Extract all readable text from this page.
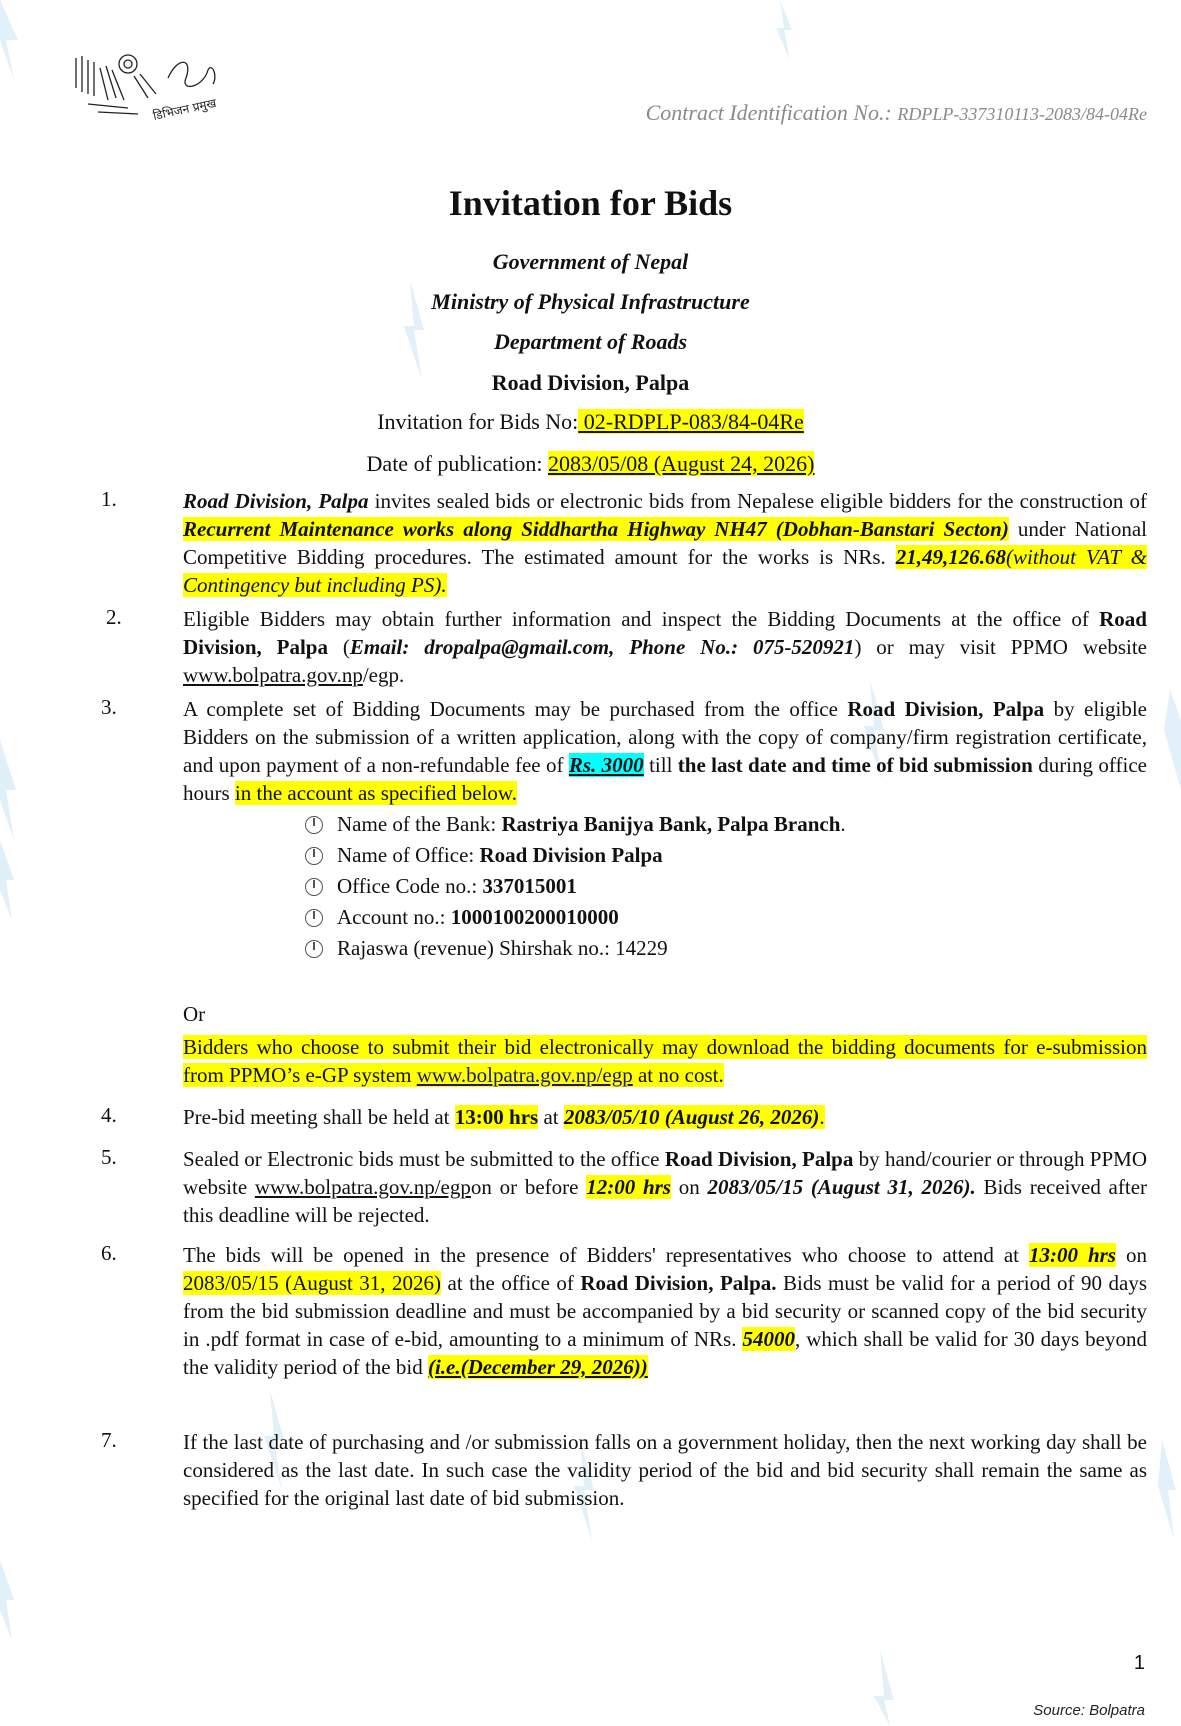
डिभिजन प्रमुख	Contract Identification No.: RDPLP-337310113-2083/84-04Re
Invitation for Bids
Government of Nepal
Ministry of Physical Infrastructure
Department of Roads
Road Division, Palpa
Invitation for Bids No: 02-RDPLP-083/84-04Re
Date of publication: 2083/05/08 (August 24, 2026)
1.	Road Division, Palpa invites sealed bids or electronic bids from Nepalese eligible bidders for the construction of Recurrent Maintenance works along Siddhartha Highway NH47 (Dobhan-Banstari Secton) under National Competitive Bidding procedures. The estimated amount for the works is NRs. 21,49,126.68(without VAT & Contingency but including PS).
2.	Eligible Bidders may obtain further information and inspect the Bidding Documents at the office of Road Division, Palpa (Email: dropalpa@gmail.com, Phone No.: 075-520921) or may visit PPMO website www.bolpatra.gov.np/egp.
3.	A complete set of Bidding Documents may be purchased from the office Road Division, Palpa by eligible Bidders on the submission of a written application, along with the copy of company/firm registration certificate, and upon payment of a non-refundable fee of Rs. 3000 till the last date and time of bid submission during office hours in the account as specified below.
Name of the Bank: Rastriya Banijya Bank, Palpa Branch.
Name of Office: Road Division Palpa
Office Code no.: 337015001
Account no.: 1000100200010000
Rajaswa (revenue) Shirshak no.: 14229
Or
Bidders who choose to submit their bid electronically may download the bidding documents for e-submission from PPMO’s e-GP system www.bolpatra.gov.np/egp at no cost.
4.	Pre-bid meeting shall be held at 13:00 hrs at 2083/05/10 (August 26, 2026).
5.	Sealed or Electronic bids must be submitted to the office Road Division, Palpa by hand/courier or through PPMO website www.bolpatra.gov.np/egpon or before 12:00 hrs on 2083/05/15 (August 31, 2026). Bids received after this deadline will be rejected.
6.	The bids will be opened in the presence of Bidders' representatives who choose to attend at 13:00 hrs on 2083/05/15 (August 31, 2026) at the office of Road Division, Palpa. Bids must be valid for a period of 90 days from the bid submission deadline and must be accompanied by a bid security or scanned copy of the bid security in .pdf format in case of e-bid, amounting to a minimum of NRs. 54000, which shall be valid for 30 days beyond the validity period of the bid (i.e.(December 29, 2026))
7.	If the last date of purchasing and /or submission falls on a government holiday, then the next working day shall be considered as the last date. In such case the validity period of the bid and bid security shall remain the same as specified for the original last date of bid submission.
1
Source: Bolpatra
